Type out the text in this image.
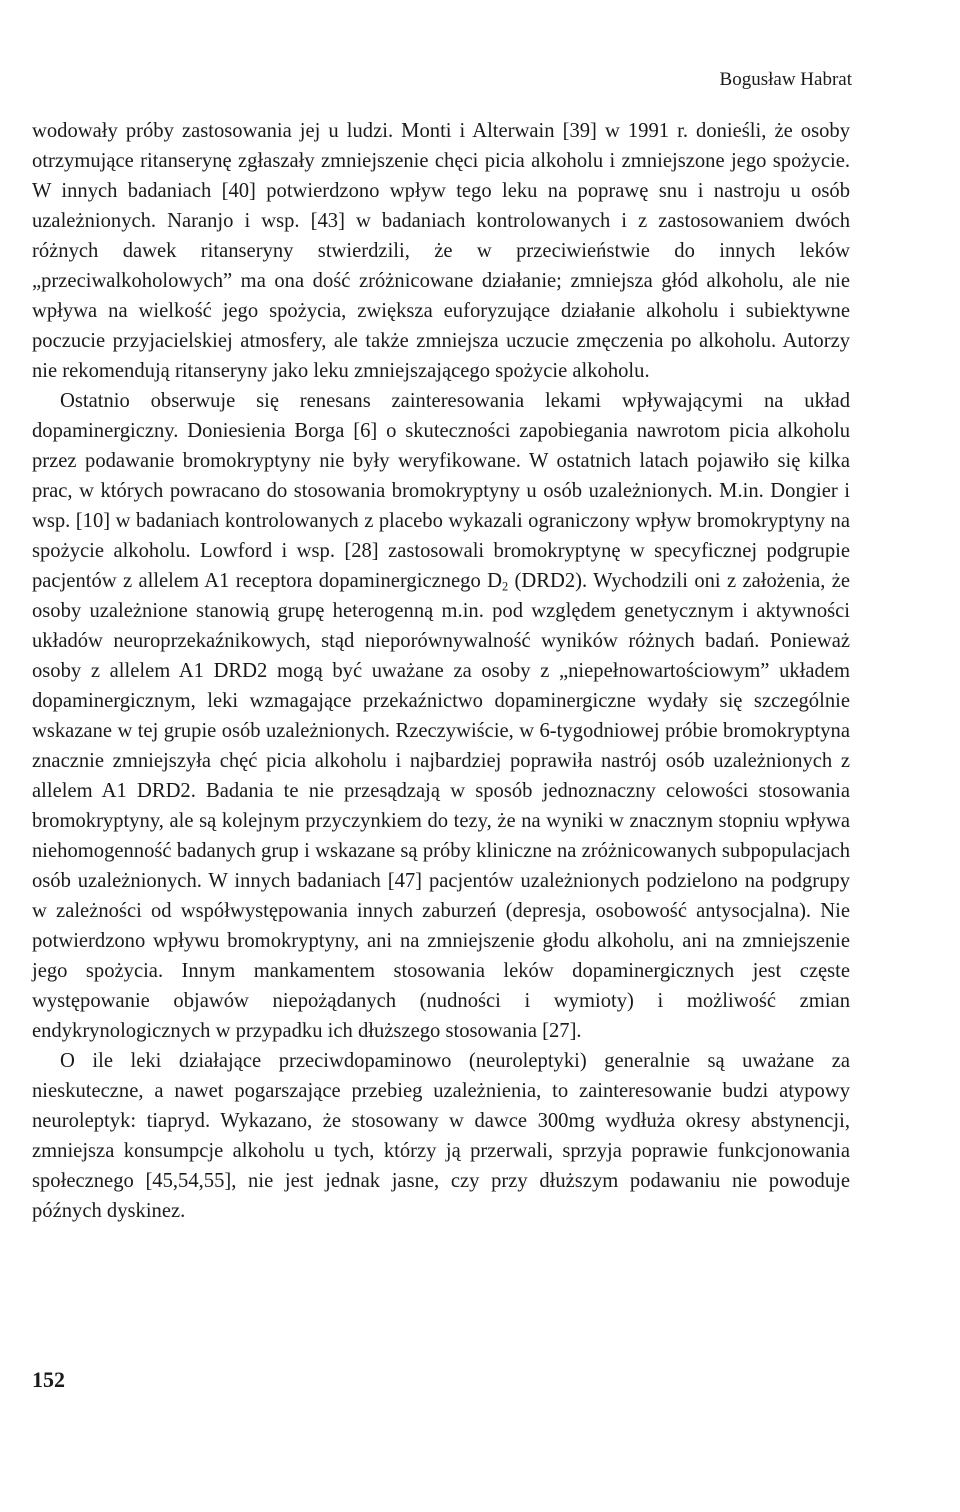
Bogusław Habrat

wodowały próby zastosowania jej u ludzi. Monti i Alterwain [39] w 1991 r. donieśli, że osoby otrzymujące ritanserynę zgłaszały zmniejszenie chęci picia alkoholu i zmniejszone jego spożycie. W innych badaniach [40] potwierdzono wpływ tego leku na poprawę snu i nastroju u osób uzależnionych. Naranjo i wsp. [43] w badaniach kontrolowanych i z zastosowaniem dwóch różnych dawek ritanseryny stwierdzili, że w przeciwieństwie do innych leków „przeciwalkoholowych” ma ona dość zróżnicowane działanie; zmniejsza głód alkoholu, ale nie wpływa na wielkość jego spożycia, zwiększa euforyzujące działanie alkoholu i subiektywne poczucie przyjacielskiej atmosfery, ale także zmniejsza uczucie zmęczenia po alkoholu. Autorzy nie rekomendują ritanseryny jako leku zmniejszającego spożycie alkoholu.

Ostatnio obserwuje się renesans zainteresowania lekami wpływającymi na układ dopaminergiczny. Doniesienia Borga [6] o skuteczności zapobiegania nawrotom picia alkoholu przez podawanie bromokryptyny nie były weryfikowane. W ostatnich latach pojawiło się kilka prac, w których powracano do stosowania bromokryptyny u osób uzależnionych. M.in. Dongier i wsp. [10] w badaniach kontrolowanych z placebo wykazali ograniczony wpływ bromokryptyny na spożycie alkoholu. Lowford i wsp. [28] zastosowali bromokryptynę w specyficznej podgrupie pacjentów z allelem A1 receptora dopaminergicznego $D_2$ (DRD2). Wychodzili oni z założenia, że osoby uzależnione stanowią grupę heterogenną m.in. pod względem genetycznym i aktywności układów neuroprzekaźnikowych, stąd nieporównywalność wyników różnych badań. Ponieważ osoby z allelem A1 DRD2 mogą być uważane za osoby z „niepełnowartościowym” układem dopaminergicznym, leki wzmagające przekaźnictwo dopaminergiczne wydały się szczególnie wskazane w tej grupie osób uzależnionych. Rzeczywiście, w 6-tygodniowej próbie bromokryptyna znacznie zmniejszyła chęć picia alkoholu i najbardziej poprawiła nastrój osób uzależnionych z allelem A1 DRD2. Badania te nie przesądzają w sposób jednoznaczny celowości stosowania bromokryptyny, ale są kolejnym przyczynkiem do tezy, że na wyniki w znacznym stopniu wpływa niehomogenność badanych grup i wskazane są próby kliniczne na zróżnicowanych subpopulacjach osób uzależnionych. W innych badaniach [47] pacjentów uzależnionych podzielono na podgrupy w zależności od współwystępowania innych zaburzeń (depresja, osobowość antysocjalna). Nie potwierdzono wpływu bromokryptyny, ani na zmniejszenie głodu alkoholu, ani na zmniejszenie jego spożycia. Innym mankamentem stosowania leków dopaminergicznych jest częste występowanie objawów niepożądanych (nudności i wymioty) i możliwość zmian endykrynologicznych w przypadku ich dłuższego stosowania [27].

O ile leki działające przeciwdopaminowo (neuroleptyki) generalnie są uważane za nieskuteczne, a nawet pogarszające przebieg uzależnienia, to zainteresowanie budzi atypowy neuroleptyk: tiapryd. Wykazano, że stosowany w dawce 300mg wydłuża okresy abstynencji, zmniejsza konsumpcje alkoholu u tych, którzy ją przerwali, sprzyja poprawie funkcjonowania społecznego [45,54,55], nie jest jednak jasne, czy przy dłuższym podawaniu nie powoduje późnych dyskinez.

152
